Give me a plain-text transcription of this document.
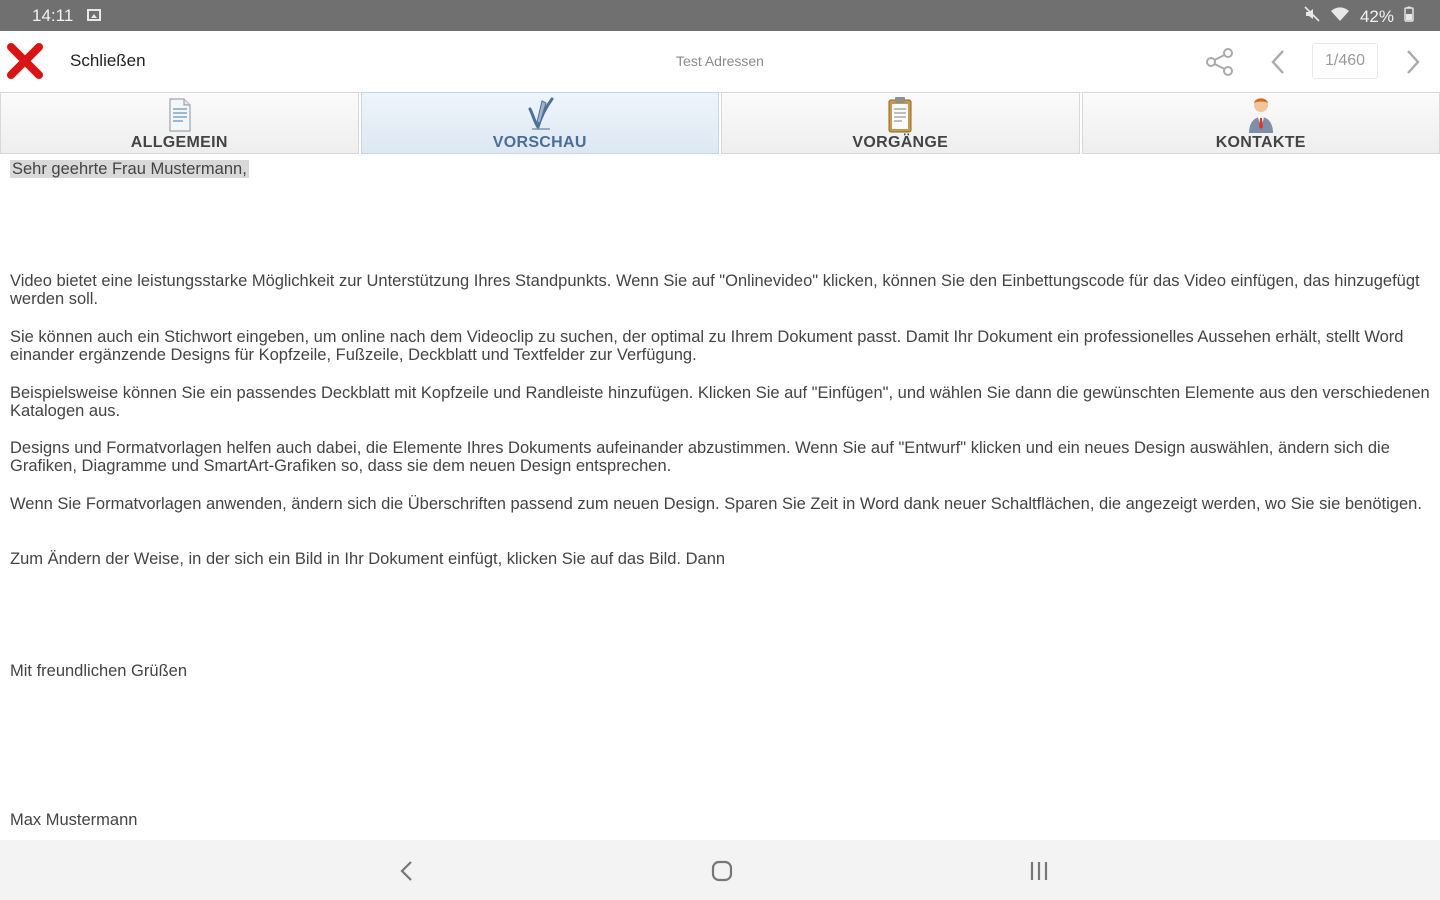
14:11	42%
Schließen	Test Adressen	1/460
ALLGEMEIN	VORSCHAU	VORGÄNGE	KONTAKTE
Sehr geehrte Frau Mustermann,
Video bietet eine leistungsstarke Möglichkeit zur Unterstützung Ihres Standpunkts. Wenn Sie auf "Onlinevideo" klicken, können Sie den Einbettungscode für das Video einfügen, das hinzugefügt werden soll.
Sie können auch ein Stichwort eingeben, um online nach dem Videoclip zu suchen, der optimal zu Ihrem Dokument passt. Damit Ihr Dokument ein professionelles Aussehen erhält, stellt Word einander ergänzende Designs für Kopfzeile, Fußzeile, Deckblatt und Textfelder zur Verfügung.
Beispielsweise können Sie ein passendes Deckblatt mit Kopfzeile und Randleiste hinzufügen. Klicken Sie auf "Einfügen", und wählen Sie dann die gewünschten Elemente aus den verschiedenen Katalogen aus.
Designs und Formatvorlagen helfen auch dabei, die Elemente Ihres Dokuments aufeinander abzustimmen. Wenn Sie auf "Entwurf" klicken und ein neues Design auswählen, ändern sich die Grafiken, Diagramme und SmartArt-Grafiken so, dass sie dem neuen Design entsprechen.
Wenn Sie Formatvorlagen anwenden, ändern sich die Überschriften passend zum neuen Design. Sparen Sie Zeit in Word dank neuer Schaltflächen, die angezeigt werden, wo Sie sie benötigen.
Zum Ändern der Weise, in der sich ein Bild in Ihr Dokument einfügt, klicken Sie auf das Bild. Dann
Mit freundlichen Grüßen
Max Mustermann
